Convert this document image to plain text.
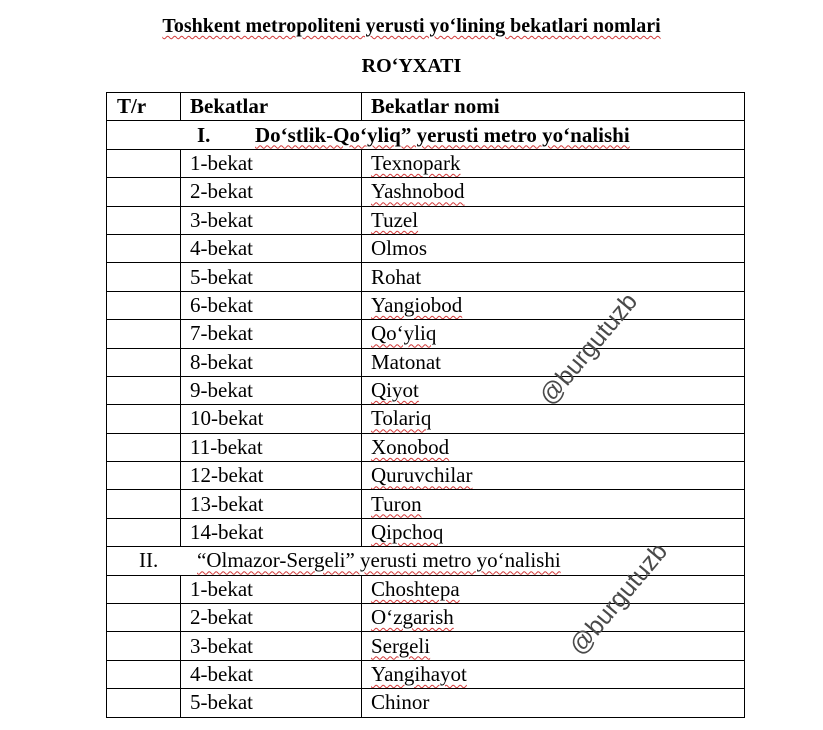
Toshkent metropoliteni yerusti yo‘lining bekatlari nomlari
RO‘YXATI
T/r	Bekatlar	Bekatlar nomi
I. Do‘stlik-Qo‘yliq” yerusti metro yo‘nalishi		
	1-bekat	Texnopark
	2-bekat	Yashnobod
	3-bekat	Tuzel
	4-bekat	Olmos
	5-bekat	Rohat
	6-bekat	Yangiobod
	7-bekat	Qo‘yliq
	8-bekat	Matonat
	9-bekat	Qiyot
	10-bekat	Tolariq
	11-bekat	Xonobod
	12-bekat	Quruvchilar
	13-bekat	Turon
	14-bekat	Qipchoq
II. “Olmazor-Sergeli” yerusti metro yo‘nalishi		
	1-bekat	Choshtepa
	2-bekat	O‘zgarish
	3-bekat	Sergeli
	4-bekat	Yangihayot
	5-bekat	Chinor
@burgutuzb
@burgutuzb
